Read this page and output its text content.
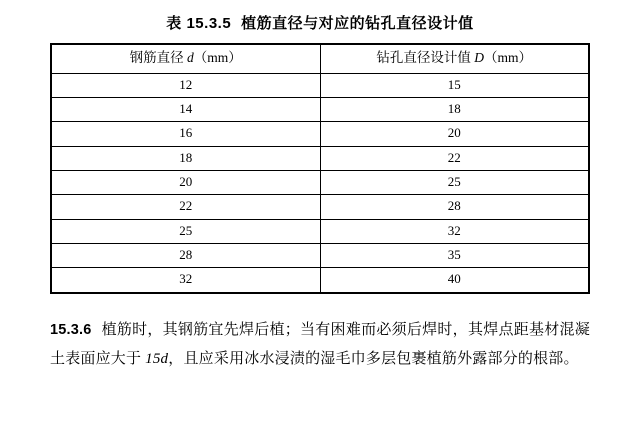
表 15.3.5 植筋直径与对应的钻孔直径设计值
钢筋直径 d（mm）	钻孔直径设计值 D（mm）
12	15
14	18
16	20
18	22
20	25
22	28
25	32
28	35
32	40
15.3.6 植筋时，其钢筋宜先焊后植；当有困难而必须后焊时，其焊点距基材混凝土表面应大于 15d，且应采用冰水浸渍的湿毛巾多层包裹植筋外露部分的根部。
